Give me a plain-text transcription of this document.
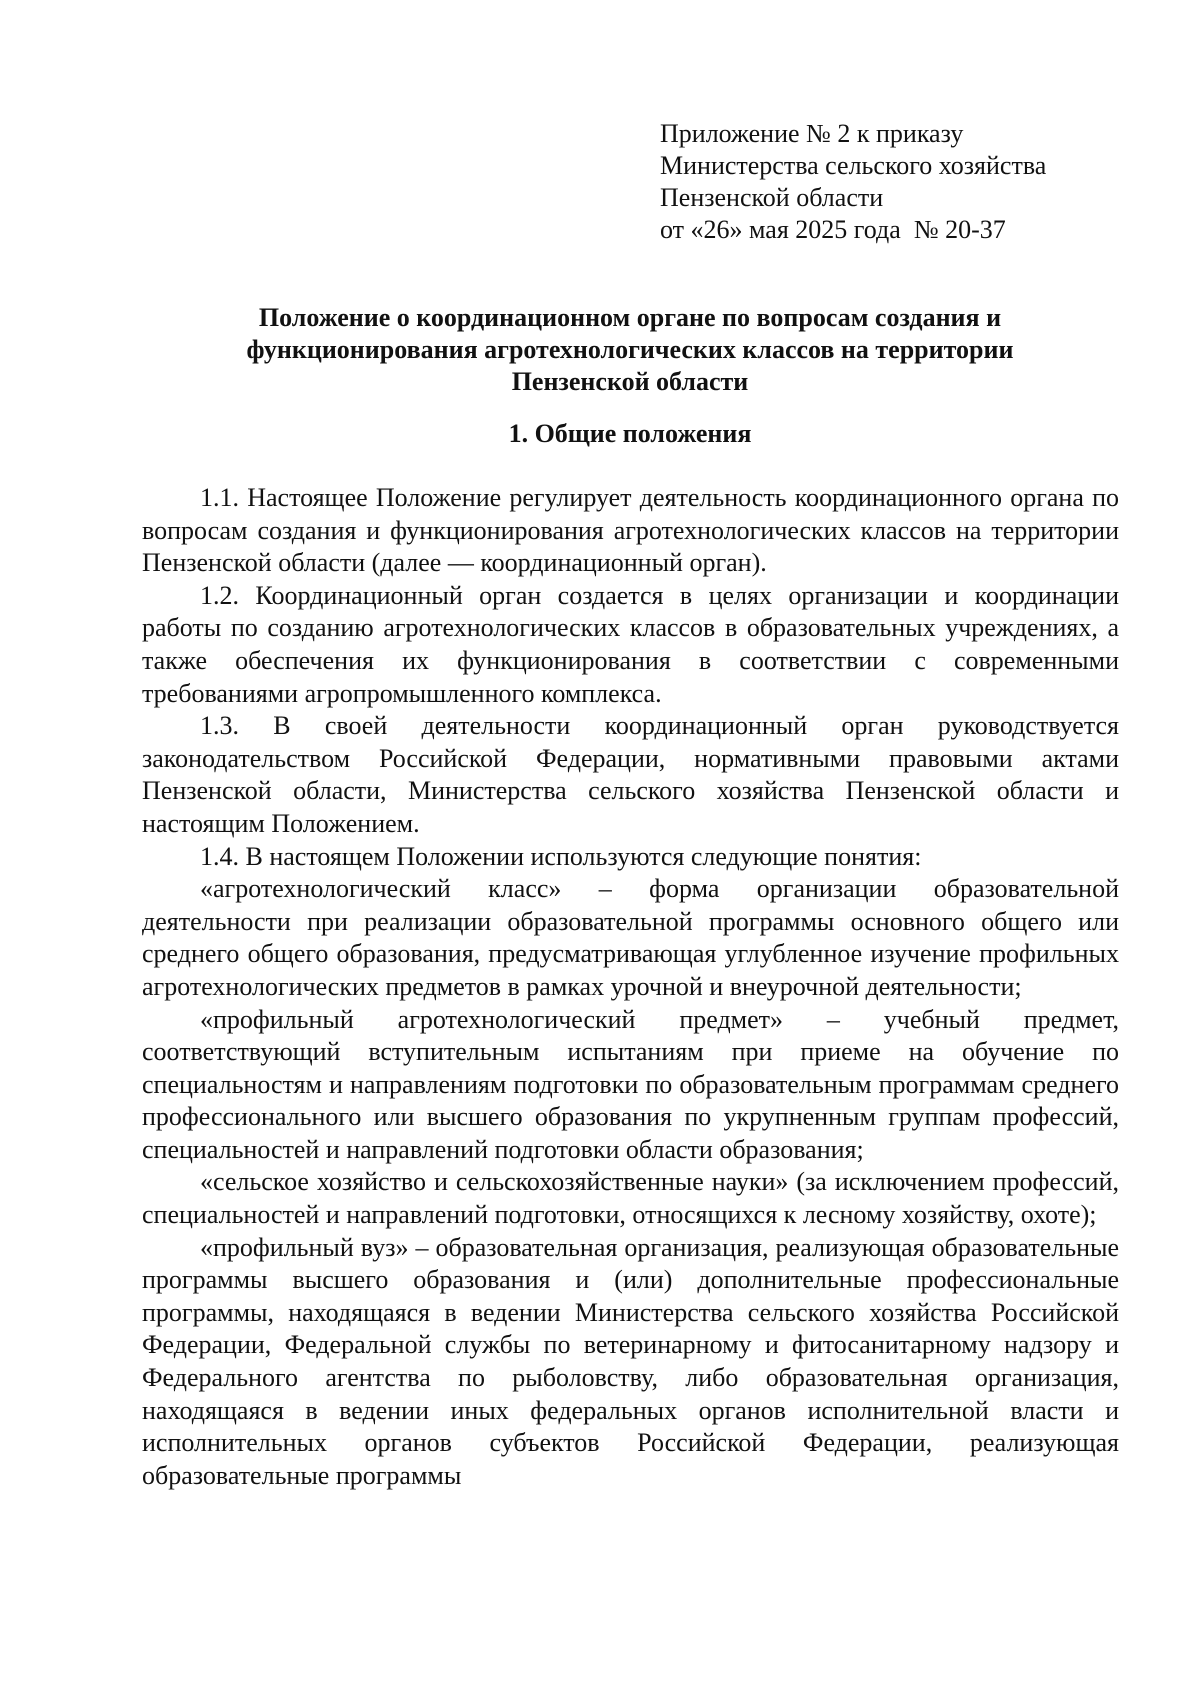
Приложение № 2 к приказу
Министерства сельского хозяйства
Пензенской области
от «26» мая 2025 года  № 20-37
Положение о координационном органе по вопросам создания и
функционирования агротехнологических классов на территории
Пензенской области
1. Общие положения

1.1. Настоящее Положение регулирует деятельность координационного органа по вопросам создания и функционирования агротехнологических классов на территории Пензенской области (далее — координационный орган).

1.2. Координационный орган создается в целях организации и координации работы по созданию агротехнологических классов в образовательных учреждениях, а также обеспечения их функционирования в соответствии с современными требованиями агропромышленного комплекса.

1.3. В своей деятельности координационный орган руководствуется законодательством Российской Федерации, нормативными правовыми актами Пензенской области, Министерства сельского хозяйства Пензенской области и настоящим Положением.

1.4. В настоящем Положении используются следующие понятия:

«агротехнологический класс» – форма организации образовательной деятельности при реализации образовательной программы основного общего или среднего общего образования, предусматривающая углубленное изучение профильных агротехнологических предметов в рамках урочной и внеурочной деятельности;

«профильный агротехнологический предмет» – учебный предмет, соответствующий вступительным испытаниям при приеме на обучение по специальностям и направлениям подготовки по образовательным программам среднего профессионального или высшего образования по укрупненным группам профессий, специальностей и направлений подготовки области образования;

«сельское хозяйство и сельскохозяйственные науки» (за исключением профессий, специальностей и направлений подготовки, относящихся к лесному хозяйству, охоте);

«профильный вуз» – образовательная организация, реализующая образовательные программы высшего образования и (или) дополнительные профессиональные программы, находящаяся в ведении Министерства сельского хозяйства Российской Федерации, Федеральной службы по ветеринарному и фитосанитарному надзору и Федерального агентства по рыболовству, либо образовательная организация, находящаяся в ведении иных федеральных органов исполнительной власти и исполнительных органов субъектов Российской Федерации, реализующая образовательные программы
